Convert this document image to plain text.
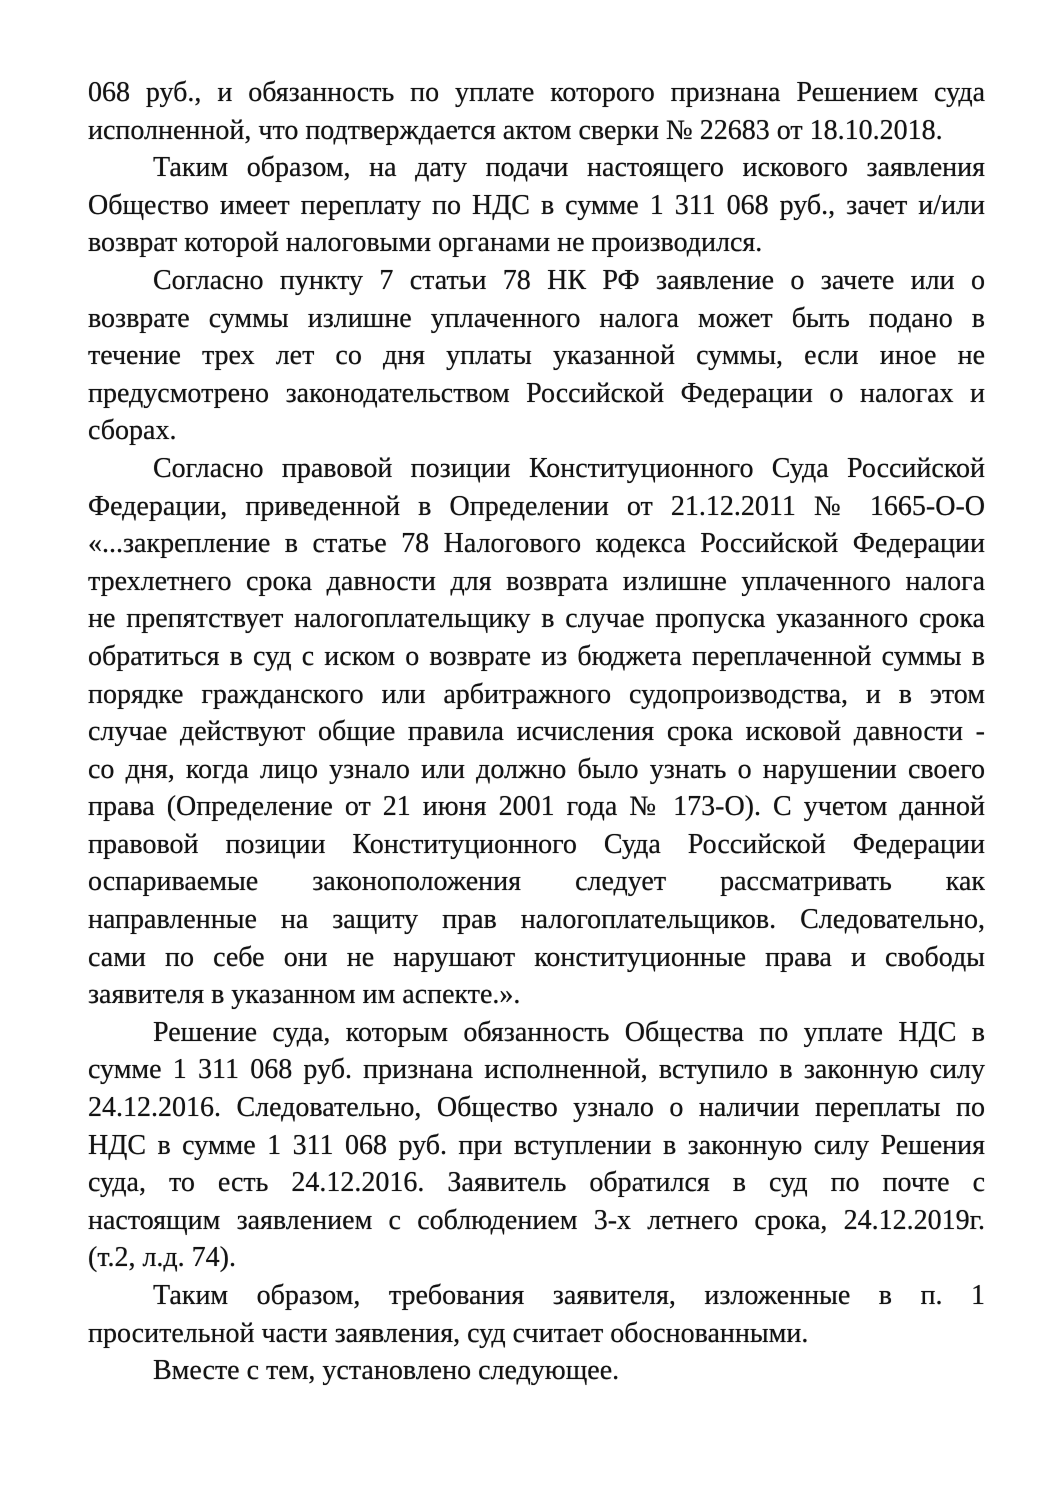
068 руб., и обязанность по уплате которого признана Решением суда
исполненной, что подтверждается актом сверки № 22683 от 18.10.2018.

Таким образом, на дату подачи настоящего искового заявления
Общество имеет переплату по НДС в сумме 1 311 068 руб., зачет и/или
возврат которой налоговыми органами не производился.

Согласно пункту 7 статьи 78 НК РФ заявление о зачете или о
возврате суммы излишне уплаченного налога может быть подано в
течение трех лет со дня уплаты указанной суммы, если иное не
предусмотрено законодательством Российской Федерации о налогах и
сборах.

Согласно правовой позиции Конституционного Суда Российской
Федерации, приведенной в Определении от 21.12.2011 № 1665-О-О
«...закрепление в статье 78 Налогового кодекса Российской Федерации
трехлетнего срока давности для возврата излишне уплаченного налога
не препятствует налогоплательщику в случае пропуска указанного срока
обратиться в суд с иском о возврате из бюджета переплаченной суммы в
порядке гражданского или арбитражного судопроизводства, и в этом
случае действуют общие правила исчисления срока исковой давности -
со дня, когда лицо узнало или должно было узнать о нарушении своего
права (Определение от 21 июня 2001 года № 173-О). С учетом данной
правовой позиции Конституционного Суда Российской Федерации
оспариваемые законоположения следует рассматривать как
направленные на защиту прав налогоплательщиков. Следовательно,
сами по себе они не нарушают конституционные права и свободы
заявителя в указанном им аспекте.».

Решение суда, которым обязанность Общества по уплате НДС в
сумме 1 311 068 руб. признана исполненной, вступило в законную силу
24.12.2016. Следовательно, Общество узнало о наличии переплаты по
НДС в сумме 1 311 068 руб. при вступлении в законную силу Решения
суда, то есть 24.12.2016. Заявитель обратился в суд по почте с
настоящим заявлением с соблюдением 3-х летнего срока, 24.12.2019г.
(т.2, л.д. 74).

Таким образом, требования заявителя, изложенные в п. 1
просительной части заявления, суд считает обоснованными.

Вместе с тем, установлено следующее.
